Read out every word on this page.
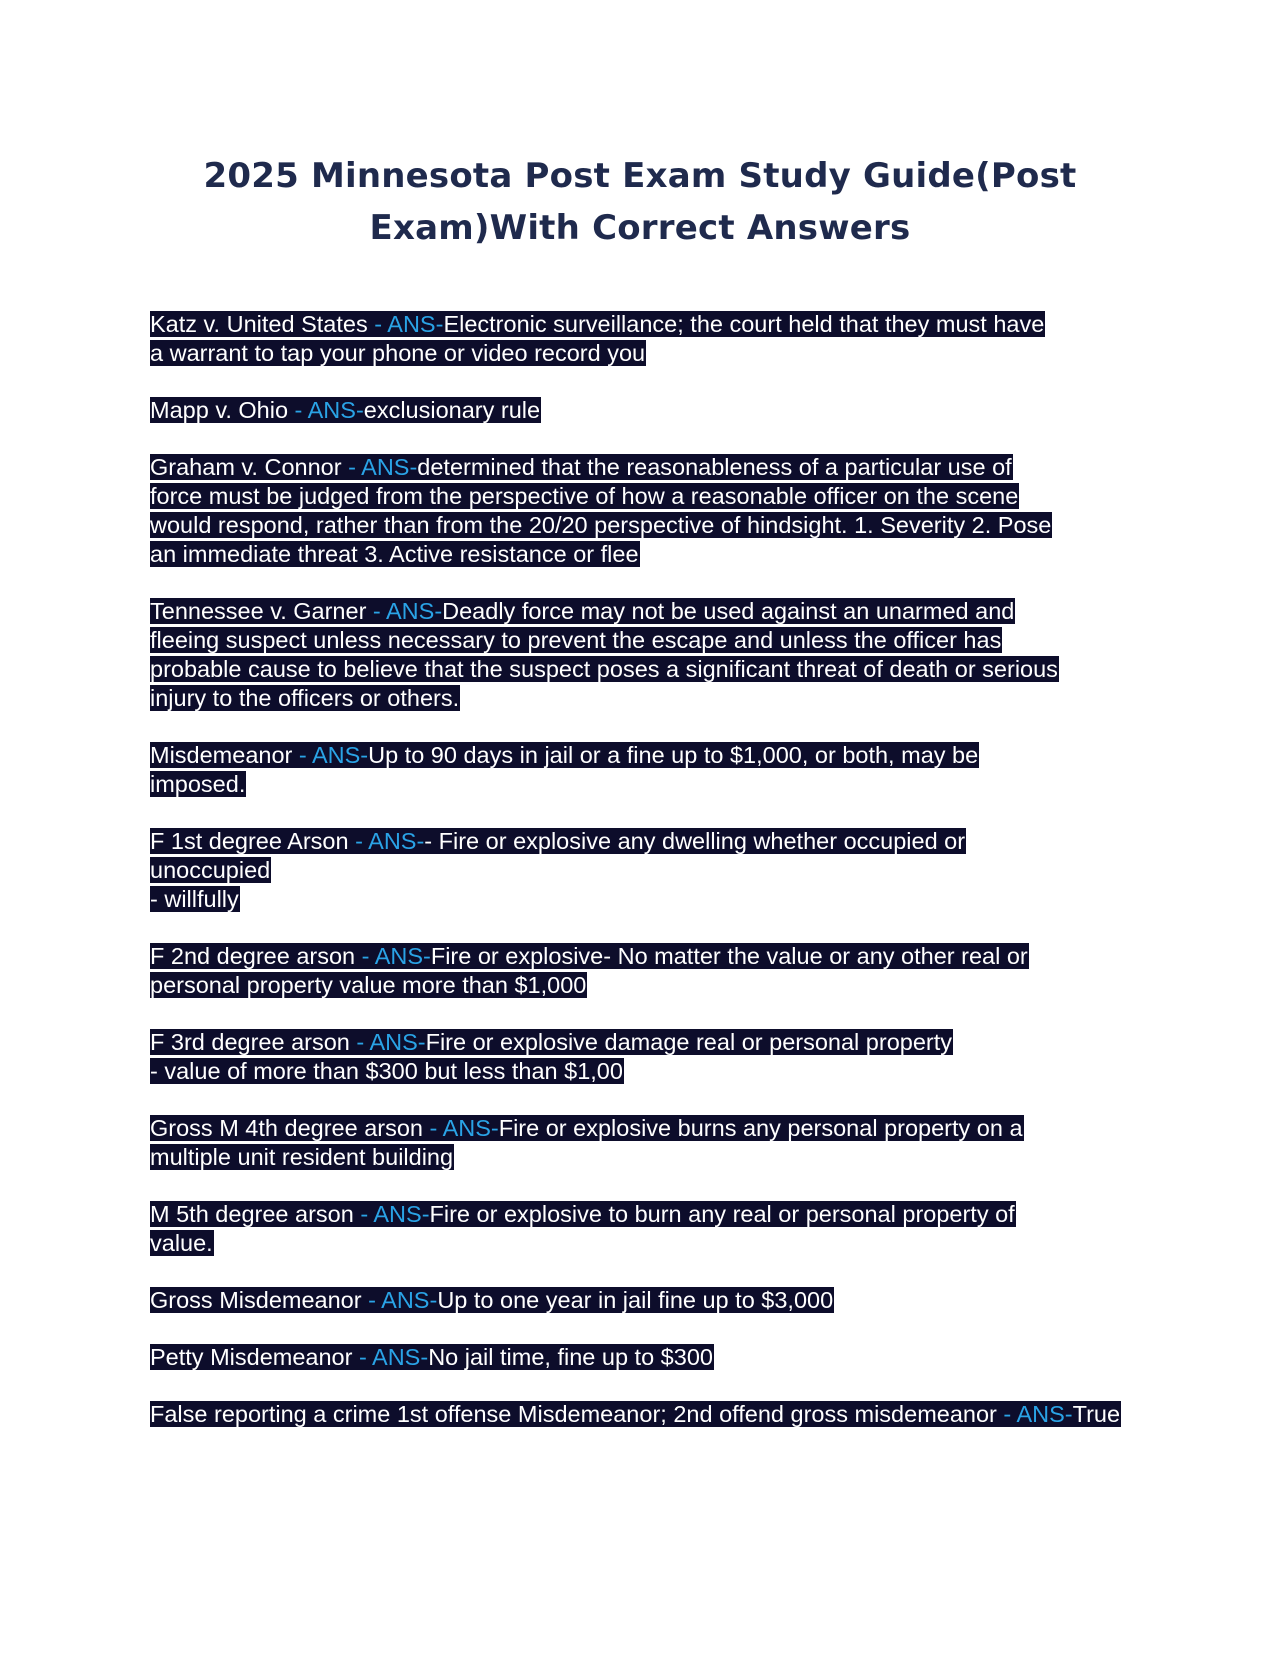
2025 Minnesota Post Exam Study Guide(Post
Exam)With Correct Answers

Katz v. United States - ANS-Electronic surveillance; the court held that they must have
a warrant to tap your phone or video record you

Mapp v. Ohio - ANS-exclusionary rule

Graham v. Connor - ANS-determined that the reasonableness of a particular use of
force must be judged from the perspective of how a reasonable officer on the scene
would respond, rather than from the 20/20 perspective of hindsight. 1. Severity 2. Pose
an immediate threat 3. Active resistance or flee

Tennessee v. Garner - ANS-Deadly force may not be used against an unarmed and
fleeing suspect unless necessary to prevent the escape and unless the officer has
probable cause to believe that the suspect poses a significant threat of death or serious
injury to the officers or others.

Misdemeanor - ANS-Up to 90 days in jail or a fine up to $1,000, or both, may be
imposed.

F 1st degree Arson - ANS-- Fire or explosive any dwelling whether occupied or
unoccupied
- willfully

F 2nd degree arson - ANS-Fire or explosive- No matter the value or any other real or
personal property value more than $1,000

F 3rd degree arson - ANS-Fire or explosive damage real or personal property
- value of more than $300 but less than $1,00

Gross M 4th degree arson - ANS-Fire or explosive burns any personal property on a
multiple unit resident building

M 5th degree arson - ANS-Fire or explosive to burn any real or personal property of
value.

Gross Misdemeanor - ANS-Up to one year in jail fine up to $3,000

Petty Misdemeanor - ANS-No jail time, fine up to $300

False reporting a crime 1st offense Misdemeanor; 2nd offend gross misdemeanor - ANS-True
